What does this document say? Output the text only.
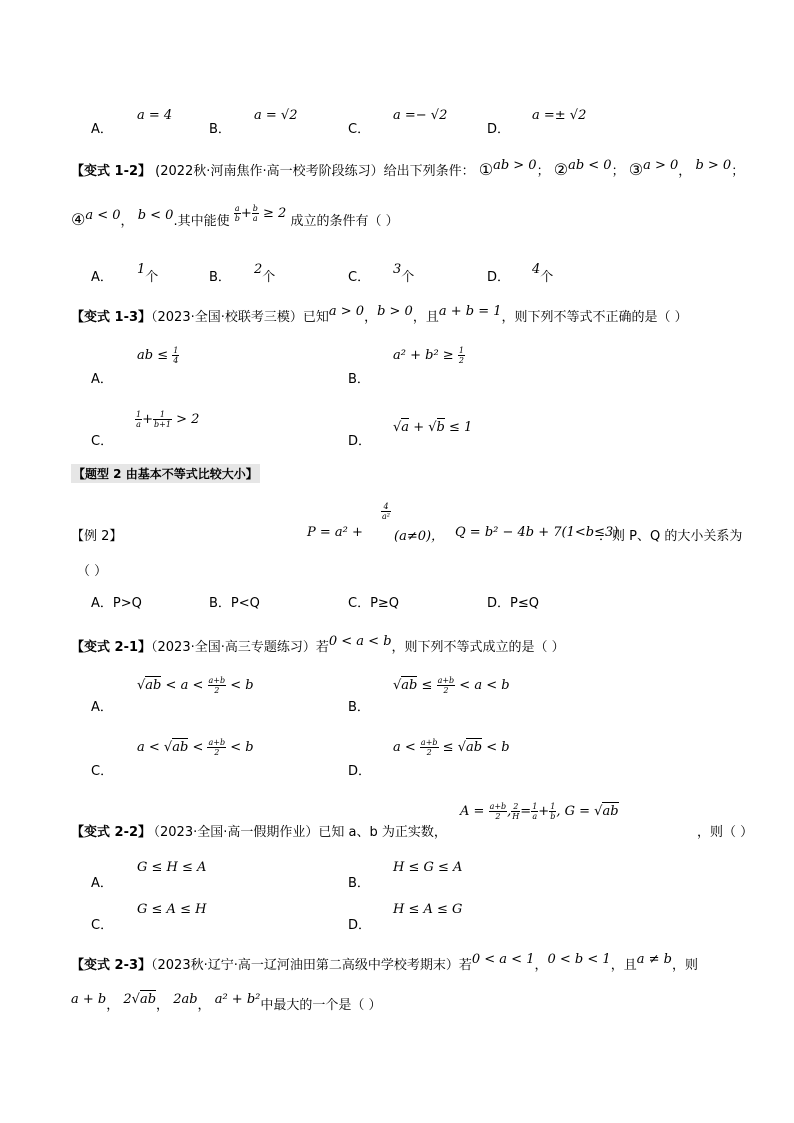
A．
a = 4
B．
a = √2
C．
a =− √2
D．
a =± √2
【变式 1-2】 (2022秋·河南焦作·高一校考阶段练习）给出下列条件： ①ab > 0； ②ab < 0； ③a > 0， b > 0；
④a < 0， b < 0.其中能使 $\frac{a}{b} + \frac{b}{a} \ge 2$ 成立的条件有（ ）
A．
1个	B．
2个	C．
3个	D．
4个
【变式 1-3】（2023·全国·校联考三模）已知a > 0，b > 0，且a + b = 1，则下列不等式不正确的是（ ）
A．
ab ≤ $\frac{1}{4}$
B．
$a^2 + b^2 \ge \frac{1}{2}$
C．
$\frac{1}{a} + \frac{1}{b+1} > 2$
D．
√a + √b ≤ 1
【题型 2 由基本不等式比较大小】
【例 2】	P = a² +
4
a²
(a≠0)， Q = b² − 4b + 7(1<b≤3)
．则 P、Q 的大小关系为
（ ）
A．P>Q	B．P<Q	C．P≥Q	D．P≤Q
【变式 2-1】（2023·全国·高三专题练习）若0 < a < b，则下列不等式成立的是（ ）
A．
$√ab < a < \frac{a+b}{2} < b$
B．
$√ab \le \frac{a+b}{2} < a < b$
C．
$a < √ab < \frac{a+b}{2} < b$
D．
$a < \frac{a+b}{2} \le √ab < b$
【变式 2-2】
（2023·全国·高一假期作业）已知 a、b 为正实数，
$A = \frac{a+b}{2}$ , $\frac{2}{H} = \frac{1}{a} + \frac{1}{b}$ , G = √ab
，则（ ）
A．
G ≤ H ≤ A
B．
H ≤ G ≤ A
C．
G ≤ A ≤ H
D．
H ≤ A ≤ G
【变式 2-3】（2023秋·辽宁·高一辽河油田第二高级中学校考期末）若0 < a < 1，0 < b < 1，且a ≠ b，则
a + b， 2√ab， 2ab， a² + b²中最大的一个是（ ）
